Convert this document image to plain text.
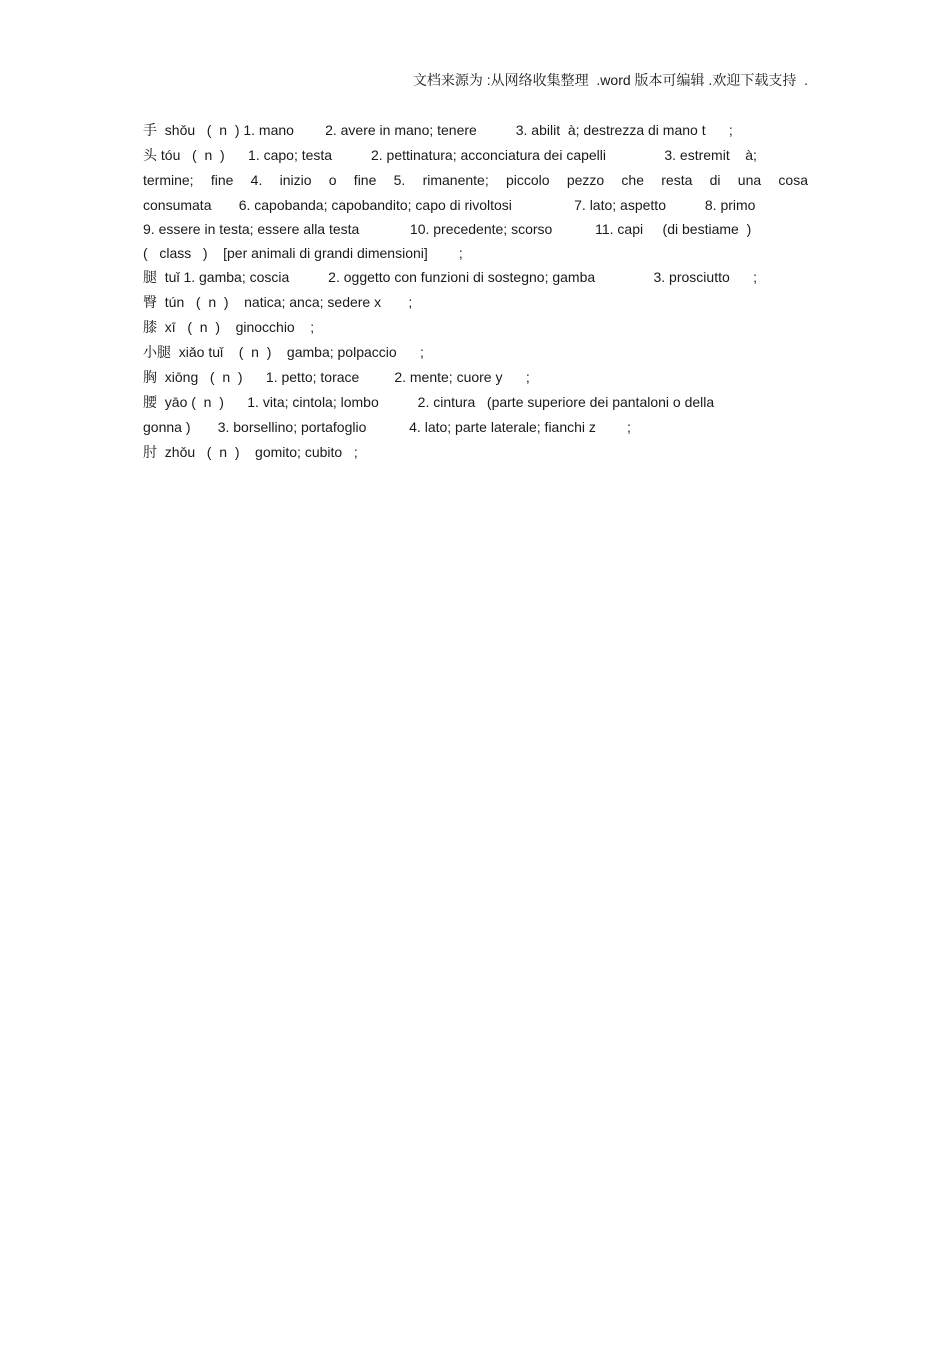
文档来源为 :从网络收集整理  .word 版本可编辑 .欢迎下载支持  .
手  shǒu   (  n  ) 1. mano        2. avere in mano; tenere          3. abilit  à; destrezza di mano t      ;
头 tóu   (  n  )      1. capo; testa          2. pettinatura; acconciatura dei capelli               3. estremit    à;
termine; fine 4. inizio o fine 5. rimanente; piccolo pezzo che resta di una cosa
consumata       6. capobanda; capobandito; capo di rivoltosi                7. lato; aspetto          8. primo
9. essere in testa; essere alla testa             10. precedente; scorso           11. capi     (di bestiame  )
(   class   )    [per animali di grandi dimensioni]        ;
腿  tuǐ 1. gamba; coscia          2. oggetto con funzioni di sostegno; gamba               3. prosciutto      ;
臀  tún   (  n  )    natica; anca; sedere x       ;
膝  xī   (  n  )    ginocchio    ;
小腿  xiǎo tuǐ    (  n  )    gamba; polpaccio      ;
胸  xiōng   (  n  )      1. petto; torace         2. mente; cuore y      ;
腰  yāo (  n  )      1. vita; cintola; lombo          2. cintura   (parte superiore dei pantaloni o della
gonna )       3. borsellino; portafoglio           4. lato; parte laterale; fianchi z        ;
肘  zhǒu   (  n  )    gomito; cubito   ;
